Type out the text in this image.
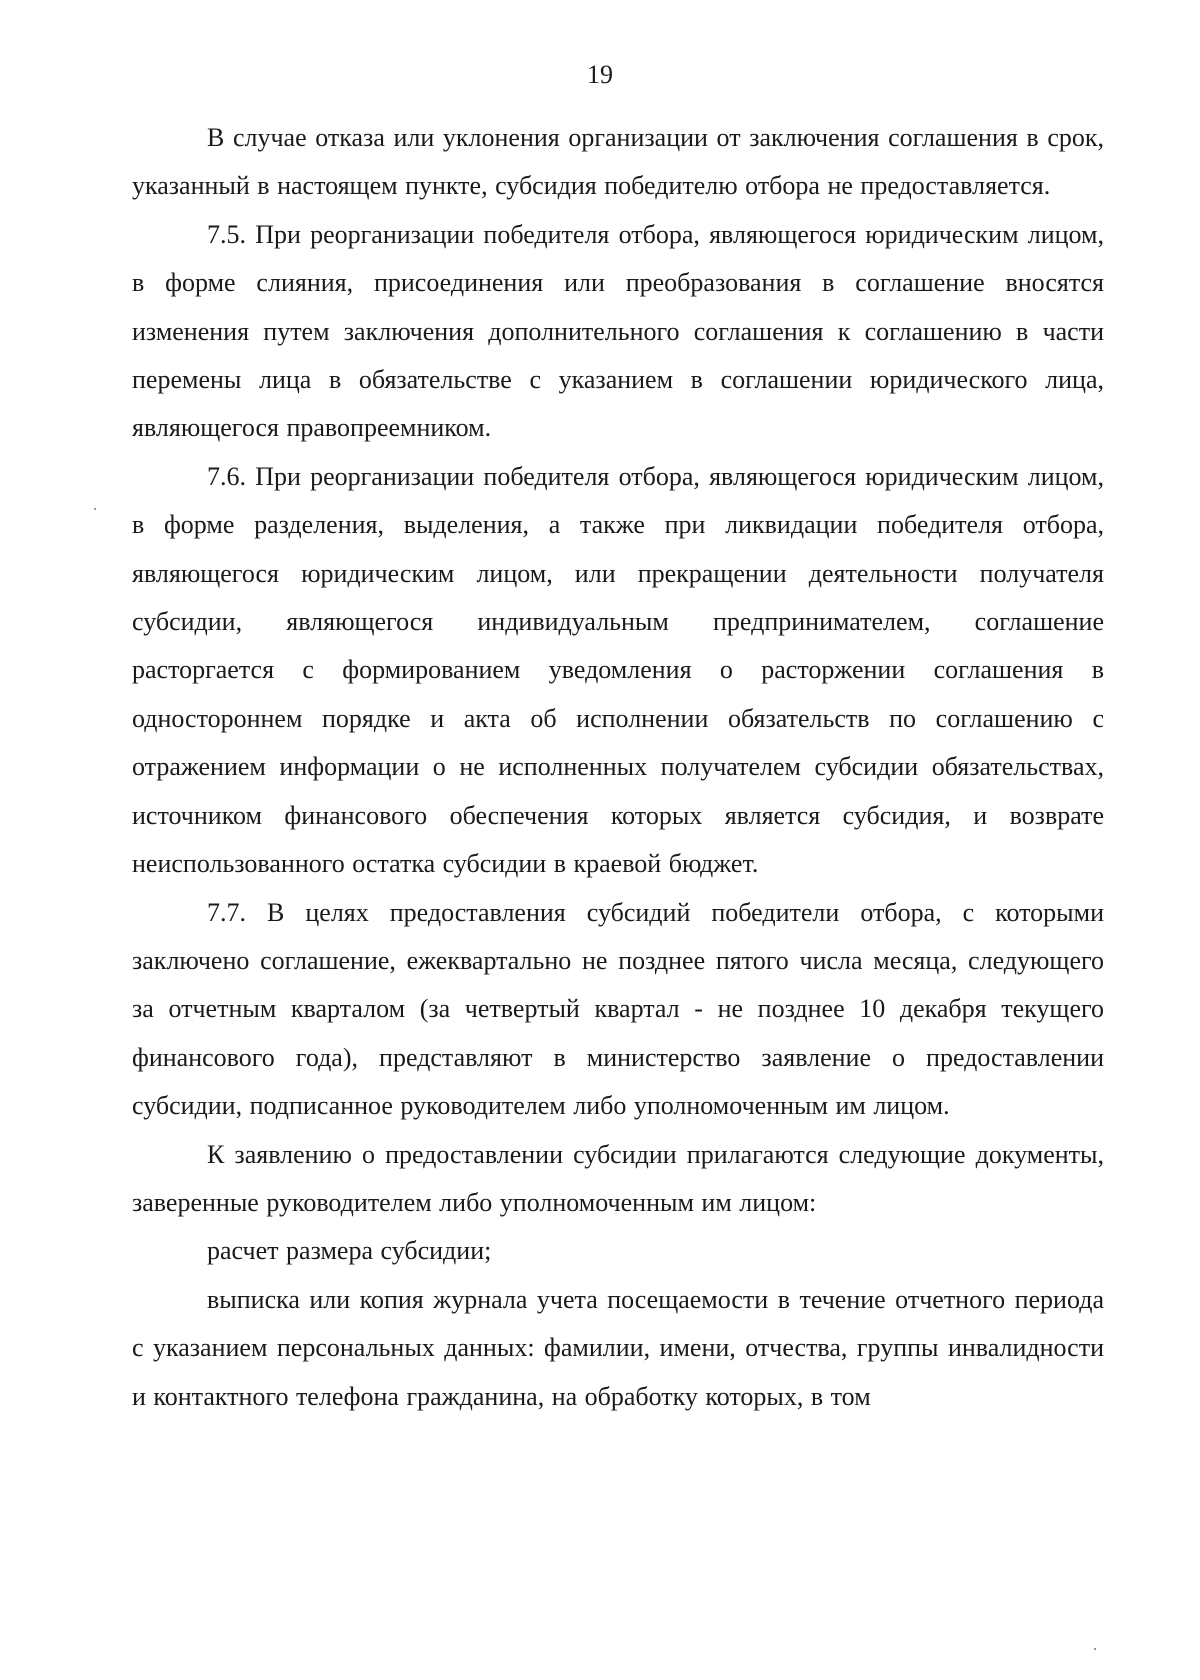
19

В случае отказа или уклонения организации от заключения соглашения в срок, указанный в настоящем пункте, субсидия победителю отбора не предоставляется.

7.5. При реорганизации победителя отбора, являющегося юридическим лицом, в форме слияния, присоединения или преобразования в соглашение вносятся изменения путем заключения дополнительного соглашения к соглашению в части перемены лица в обязательстве с указанием в соглашении юридического лица, являющегося правопреемником.

7.6. При реорганизации победителя отбора, являющегося юридическим лицом, в форме разделения, выделения, а также при ликвидации победителя отбора, являющегося юридическим лицом, или прекращении деятельности получателя субсидии, являющегося индивидуальным предпринимателем, соглашение расторгается с формированием уведомления о расторжении соглашения в одностороннем порядке и акта об исполнении обязательств по соглашению с отражением информации о не исполненных получателем субсидии обязательствах, источником финансового обеспечения которых является субсидия, и возврате неиспользованного остатка субсидии в краевой бюджет.

7.7. В целях предоставления субсидий победители отбора, с которыми заключено соглашение, ежеквартально не позднее пятого числа месяца, следующего за отчетным кварталом (за четвертый квартал - не позднее 10 декабря текущего финансового года), представляют в министерство заявление о предоставлении субсидии, подписанное руководителем либо уполномоченным им лицом.

К заявлению о предоставлении субсидии прилагаются следующие документы, заверенные руководителем либо уполномоченным им лицом:

расчет размера субсидии;

выписка или копия журнала учета посещаемости в течение отчетного периода с указанием персональных данных: фамилии, имени, отчества, группы инвалидности и контактного телефона гражданина, на обработку которых, в том
